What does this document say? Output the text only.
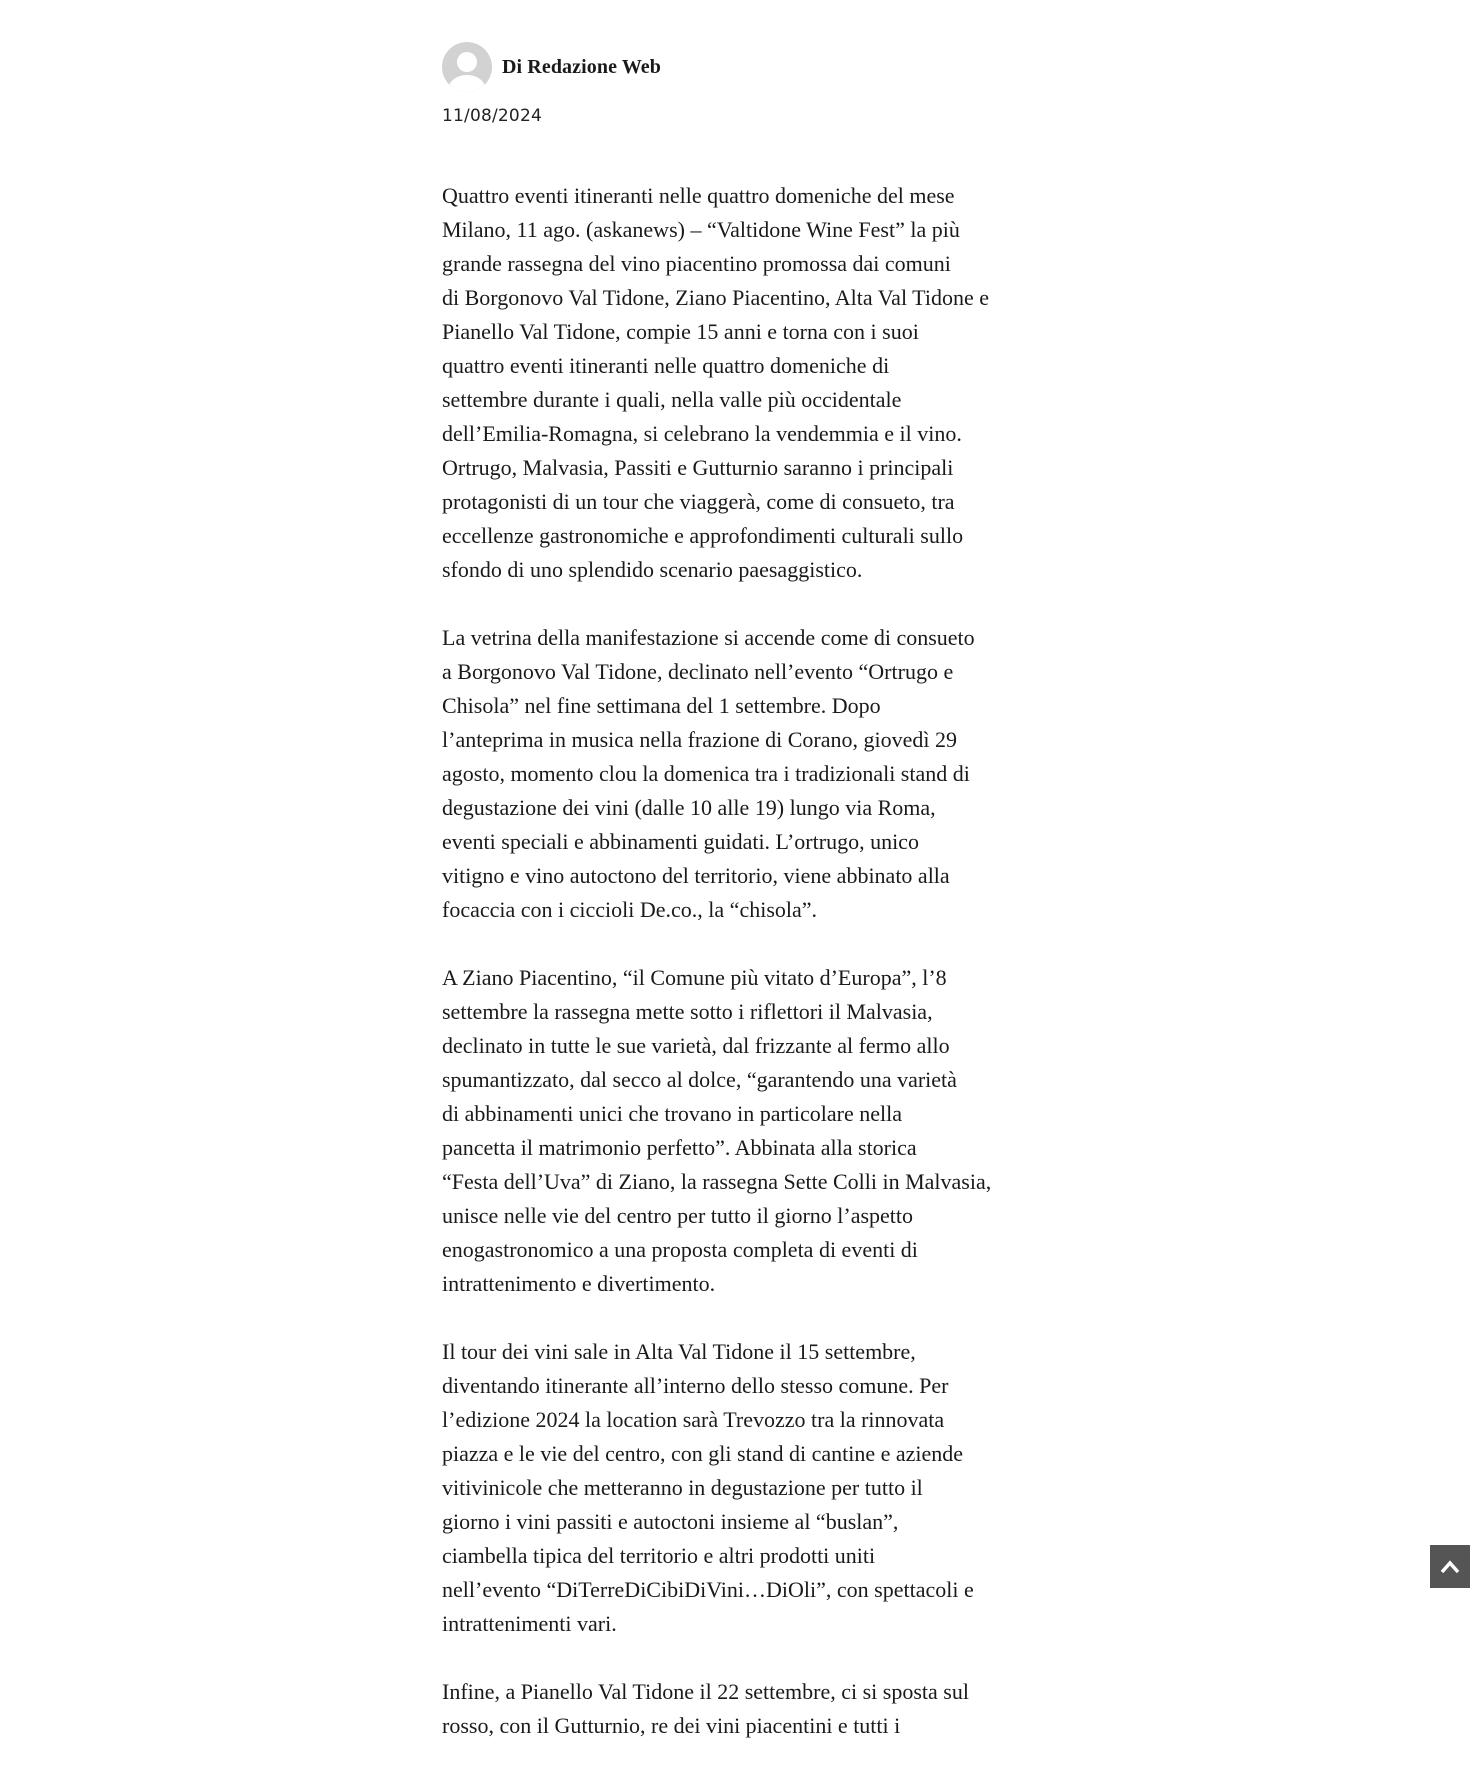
Di Redazione Web
11/08/2024

Quattro eventi itineranti nelle quattro domeniche del mese
Milano, 11 ago. (askanews) – “Valtidone Wine Fest” la più
grande rassegna del vino piacentino promossa dai comuni
di Borgonovo Val Tidone, Ziano Piacentino, Alta Val Tidone e
Pianello Val Tidone, compie 15 anni e torna con i suoi
quattro eventi itineranti nelle quattro domeniche di
settembre durante i quali, nella valle più occidentale
dell’Emilia-Romagna, si celebrano la vendemmia e il vino.
Ortrugo, Malvasia, Passiti e Gutturnio saranno i principali
protagonisti di un tour che viaggerà, come di consueto, tra
eccellenze gastronomiche e approfondimenti culturali sullo
sfondo di uno splendido scenario paesaggistico.

La vetrina della manifestazione si accende come di consueto
a Borgonovo Val Tidone, declinato nell’evento “Ortrugo e
Chisola” nel fine settimana del 1 settembre. Dopo
l’anteprima in musica nella frazione di Corano, giovedì 29
agosto, momento clou la domenica tra i tradizionali stand di
degustazione dei vini (dalle 10 alle 19) lungo via Roma,
eventi speciali e abbinamenti guidati. L’ortrugo, unico
vitigno e vino autoctono del territorio, viene abbinato alla
focaccia con i ciccioli De.co., la “chisola”.

A Ziano Piacentino, “il Comune più vitato d’Europa”, l’8
settembre la rassegna mette sotto i riflettori il Malvasia,
declinato in tutte le sue varietà, dal frizzante al fermo allo
spumantizzato, dal secco al dolce, “garantendo una varietà
di abbinamenti unici che trovano in particolare nella
pancetta il matrimonio perfetto”. Abbinata alla storica
“Festa dell’Uva” di Ziano, la rassegna Sette Colli in Malvasia,
unisce nelle vie del centro per tutto il giorno l’aspetto
enogastronomico a una proposta completa di eventi di
intrattenimento e divertimento.

Il tour dei vini sale in Alta Val Tidone il 15 settembre,
diventando itinerante all’interno dello stesso comune. Per
l’edizione 2024 la location sarà Trevozzo tra la rinnovata
piazza e le vie del centro, con gli stand di cantine e aziende
vitivinicole che metteranno in degustazione per tutto il
giorno i vini passiti e autoctoni insieme al “buslan”,
ciambella tipica del territorio e altri prodotti uniti
nell’evento “DiTerreDiCibiDiVini…DiOli”, con spettacoli e
intrattenimenti vari.

Infine, a Pianello Val Tidone il 22 settembre, ci si sposta sul
rosso, con il Gutturnio, re dei vini piacentini e tutti i
